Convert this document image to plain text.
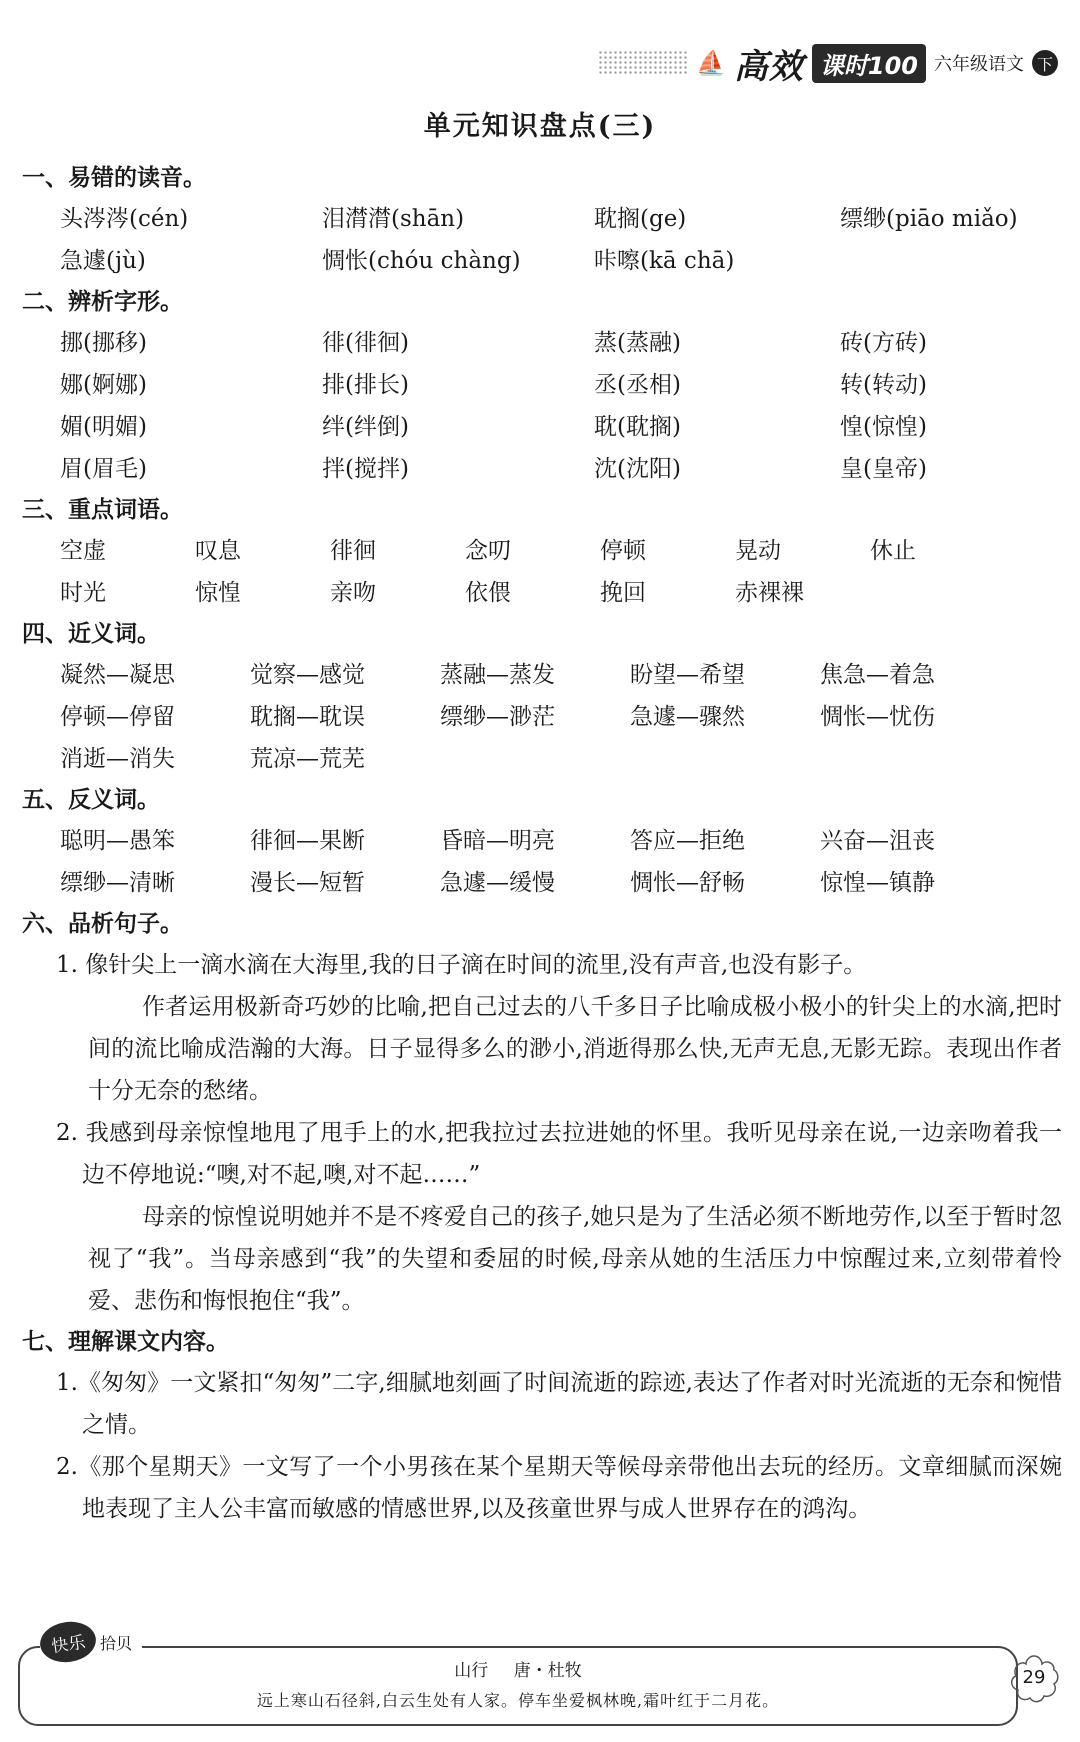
⛵ 高效 课时100 六年级语文 下
单元知识盘点(三)
一、易错的读音。
头涔涔(cén)	泪潸潸(shān)	耽搁(ge)	缥缈(piāo miǎo)
急遽(jù)	惆怅(chóu chàng)	咔嚓(kā chā)
二、辨析字形。
挪(挪移)	徘(徘徊)	蒸(蒸融)	砖(方砖)
娜(婀娜)	排(排长)	丞(丞相)	转(转动)
媚(明媚)	绊(绊倒)	耽(耽搁)	惶(惊惶)
眉(眉毛)	拌(搅拌)	沈(沈阳)	皇(皇帝)
三、重点词语。
空虚	叹息	徘徊	念叨	停顿	晃动	休止
时光	惊惶	亲吻	依偎	挽回	赤裸裸
四、近义词。
凝然—凝思	觉察—感觉	蒸融—蒸发	盼望—希望	焦急—着急
停顿—停留	耽搁—耽误	缥缈—渺茫	急遽—骤然	惆怅—忧伤
消逝—消失	荒凉—荒芜
五、反义词。
聪明—愚笨	徘徊—果断	昏暗—明亮	答应—拒绝	兴奋—沮丧
缥缈—清晰	漫长—短暂	急遽—缓慢	惆怅—舒畅	惊惶—镇静
六、品析句子。
1. 像针尖上一滴水滴在大海里,我的日子滴在时间的流里,没有声音,也没有影子。
作者运用极新奇巧妙的比喻,把自己过去的八千多日子比喻成极小极小的针尖上的水滴,把时间的流比喻成浩瀚的大海。日子显得多么的渺小,消逝得那么快,无声无息,无影无踪。表现出作者十分无奈的愁绪。
2. 我感到母亲惊惶地甩了甩手上的水,把我拉过去拉进她的怀里。我听见母亲在说,一边亲吻着我一边不停地说:“噢,对不起,噢,对不起……”
母亲的惊惶说明她并不是不疼爱自己的孩子,她只是为了生活必须不断地劳作,以至于暂时忽视了“我”。当母亲感到“我”的失望和委屈的时候,母亲从她的生活压力中惊醒过来,立刻带着怜爱、悲伤和悔恨抱住“我”。
七、理解课文内容。
1.《匆匆》一文紧扣“匆匆”二字,细腻地刻画了时间流逝的踪迹,表达了作者对时光流逝的无奈和惋惜之情。
2.《那个星期天》一文写了一个小男孩在某个星期天等候母亲带他出去玩的经历。文章细腻而深婉地表现了主人公丰富而敏感的情感世界,以及孩童世界与成人世界存在的鸿沟。
快乐 拾贝
山行 唐・杜牧
远上寒山石径斜,白云生处有人家。停车坐爱枫林晚,霜叶红于二月花。
29
